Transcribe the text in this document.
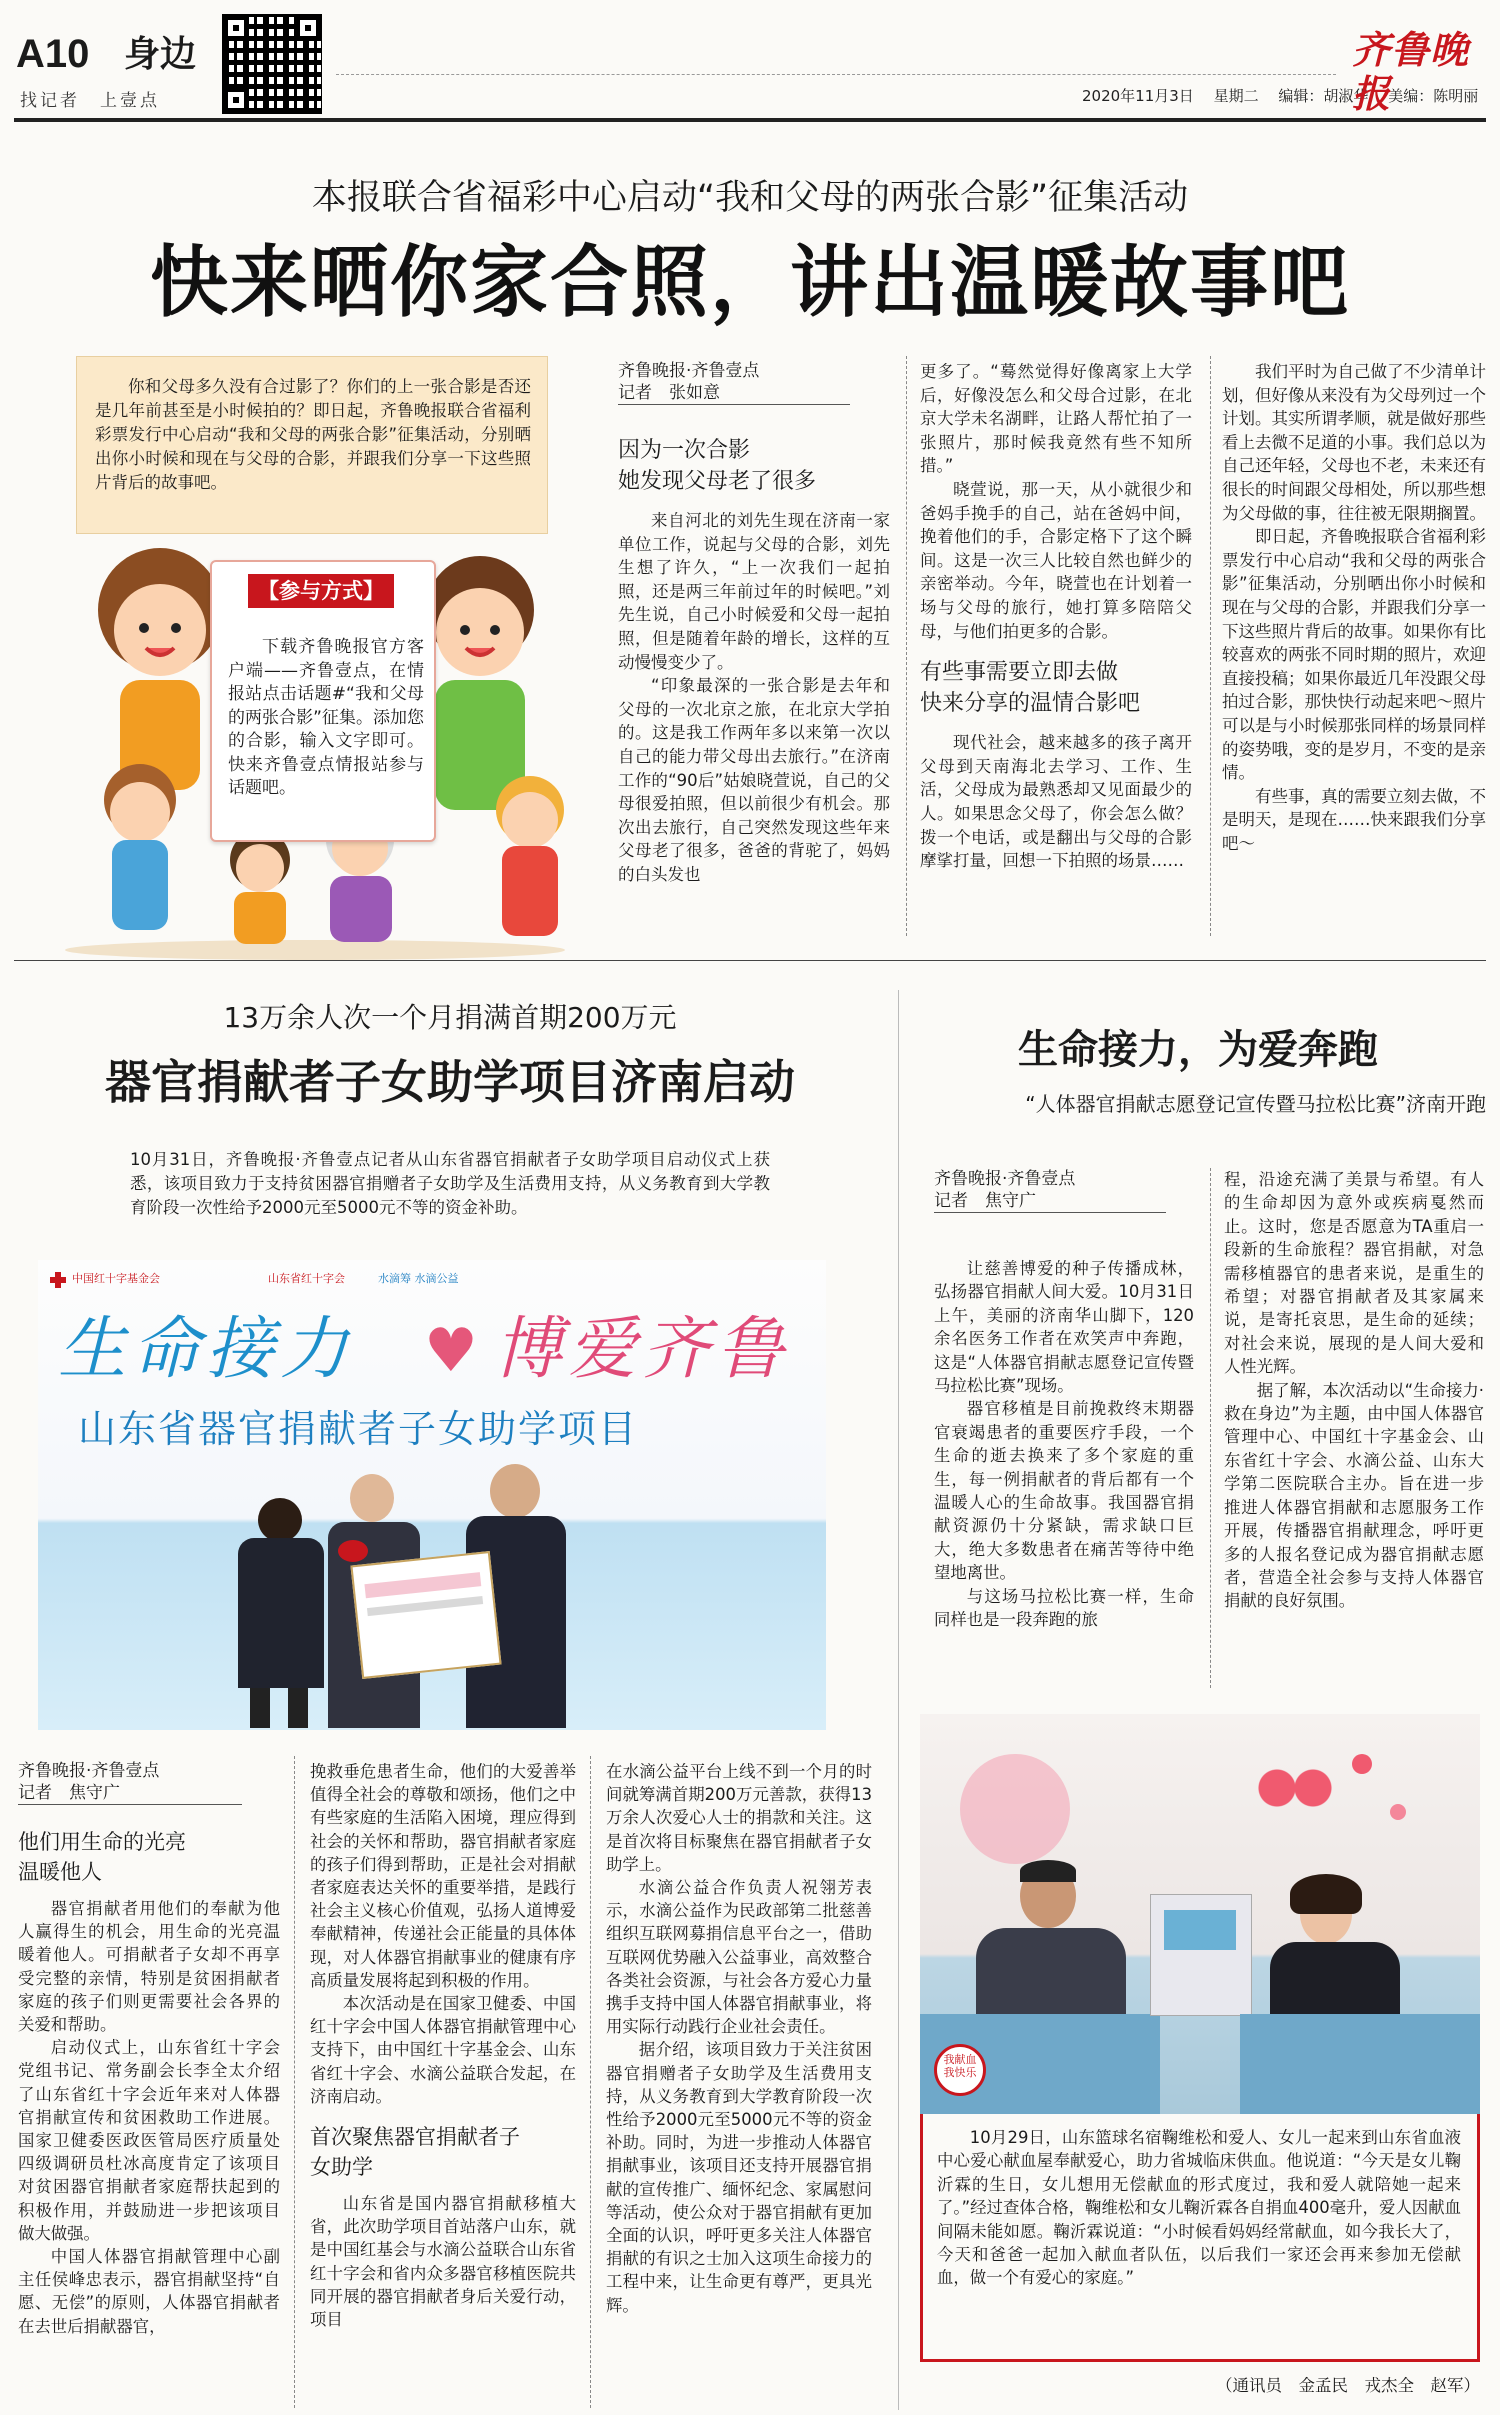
A10 身边
找记者　上壹点	2020年11月3日　 星期二　 编辑：胡淑华　 美编：陈明丽
齐鲁晚报
本报联合省福彩中心启动“我和父母的两张合影”征集活动
快来晒你家合照，讲出温暖故事吧

你和父母多久没有合过影了？你们的上一张合影是否还是几年前甚至是小时候拍的？即日起，齐鲁晚报联合省福利彩票发行中心启动“我和父母的两张合影”征集活动，分别晒出你小时候和现在与父母的合影，并跟我们分享一下这些照片背后的故事吧。

【参与方式】

下载齐鲁晚报官方客户端——齐鲁壹点，在情报站点击话题#“我和父母的两张合影”征集。添加您的合影，输入文字即可。快来齐鲁壹点情报站参与话题吧。

齐鲁晚报·齐鲁壹点
记者　张如意
因为一次合影
她发现父母老了很多

来自河北的刘先生现在济南一家单位工作，说起与父母的合影，刘先生想了许久，“上一次我们一起拍照，还是两三年前过年的时候吧。”刘先生说，自己小时候爱和父母一起拍照，但是随着年龄的增长，这样的互动慢慢变少了。

“印象最深的一张合影是去年和父母的一次北京之旅，在北京大学拍的。这是我工作两年多以来第一次以自己的能力带父母出去旅行。”在济南工作的“90后”姑娘晓萱说，自己的父母很爱拍照，但以前很少有机会。那次出去旅行，自己突然发现这些年来父母老了很多，爸爸的背驼了，妈妈的白头发也

更多了。“蓦然觉得好像离家上大学后，好像没怎么和父母合过影，在北京大学未名湖畔，让路人帮忙拍了一张照片，那时候我竟然有些不知所措。”

晓萱说，那一天，从小就很少和爸妈手挽手的自己，站在爸妈中间，挽着他们的手，合影定格下了这个瞬间。这是一次三人比较自然也鲜少的亲密举动。今年，晓萱也在计划着一场与父母的旅行，她打算多陪陪父母，与他们拍更多的合影。

有些事需要立即去做
快来分享的温情合影吧

现代社会，越来越多的孩子离开父母到天南海北去学习、工作、生活，父母成为最熟悉却又见面最少的人。如果思念父母了，你会怎么做？拨一个电话，或是翻出与父母的合影摩挲打量，回想一下拍照的场景……

我们平时为自己做了不少清单计划，但好像从来没有为父母列过一个计划。其实所谓孝顺，就是做好那些看上去微不足道的小事。我们总以为自己还年轻，父母也不老，未来还有很长的时间跟父母相处，所以那些想为父母做的事，往往被无限期搁置。

即日起，齐鲁晚报联合省福利彩票发行中心启动“我和父母的两张合影”征集活动，分别晒出你小时候和现在与父母的合影，并跟我们分享一下这些照片背后的故事。如果你有比较喜欢的两张不同时期的照片，欢迎直接投稿；如果你最近几年没跟父母拍过合影，那快快行动起来吧～照片可以是与小时候那张同样的场景同样的姿势哦，变的是岁月，不变的是亲情。

有些事，真的需要立刻去做，不是明天，是现在……快来跟我们分享吧～

13万余人次一个月捐满首期200万元
器官捐献者子女助学项目济南启动

10月31日，齐鲁晚报·齐鲁壹点记者从山东省器官捐献者子女助学项目启动仪式上获悉，该项目致力于支持贫困器官捐赠者子女助学及生活费用支持，从义务教育到大学教育阶段一次性给予2000元至5000元不等的资金补助。

中国红十字基金会	山东省红十字会	水滴筹 水滴公益
生命接力 ♥ 博爱齐鲁
山东省器官捐献者子女助学项目
齐鲁晚报·齐鲁壹点
记者　焦守广
他们用生命的光亮
温暖他人

器官捐献者用他们的奉献为他人赢得生的机会，用生命的光亮温暖着他人。可捐献者子女却不再享受完整的亲情，特别是贫困捐献者家庭的孩子们则更需要社会各界的关爱和帮助。

启动仪式上，山东省红十字会党组书记、常务副会长李全太介绍了山东省红十字会近年来对人体器官捐献宣传和贫困救助工作进展。国家卫健委医政医管局医疗质量处四级调研员杜冰高度肯定了该项目对贫困器官捐献者家庭帮扶起到的积极作用，并鼓励进一步把该项目做大做强。

中国人体器官捐献管理中心副主任侯峰忠表示，器官捐献坚持“自愿、无偿”的原则，人体器官捐献者在去世后捐献器官，

挽救垂危患者生命，他们的大爱善举值得全社会的尊敬和颂扬，他们之中有些家庭的生活陷入困境，理应得到社会的关怀和帮助，器官捐献者家庭的孩子们得到帮助，正是社会对捐献者家庭表达关怀的重要举措，是践行社会主义核心价值观，弘扬人道博爱奉献精神，传递社会正能量的具体体现，对人体器官捐献事业的健康有序高质量发展将起到积极的作用。

本次活动是在国家卫健委、中国红十字会中国人体器官捐献管理中心支持下，由中国红十字基金会、山东省红十字会、水滴公益联合发起，在济南启动。

首次聚焦器官捐献者子女助学

山东省是国内器官捐献移植大省，此次助学项目首站落户山东，就是中国红基会与水滴公益联合山东省红十字会和省内众多器官移植医院共同开展的器官捐献者身后关爱行动，项目

在水滴公益平台上线不到一个月的时间就筹满首期200万元善款，获得13万余人次爱心人士的捐款和关注。这是首次将目标聚焦在器官捐献者子女助学上。

水滴公益合作负责人祝翎芳表示，水滴公益作为民政部第二批慈善组织互联网募捐信息平台之一，借助互联网优势融入公益事业，高效整合各类社会资源，与社会各方爱心力量携手支持中国人体器官捐献事业，将用实际行动践行企业社会责任。

据介绍，该项目致力于关注贫困器官捐赠者子女助学及生活费用支持，从义务教育到大学教育阶段一次性给予2000元至5000元不等的资金补助。同时，为进一步推动人体器官捐献事业，该项目还支持开展器官捐献的宣传推广、缅怀纪念、家属慰问等活动，使公众对于器官捐献有更加全面的认识，呼吁更多关注人体器官捐献的有识之士加入这项生命接力的工程中来，让生命更有尊严，更具光辉。

生命接力，为爱奔跑
“人体器官捐献志愿登记宣传暨马拉松比赛”济南开跑
齐鲁晚报·齐鲁壹点
记者　焦守广

让慈善博爱的种子传播成林，弘扬器官捐献人间大爱。10月31日上午，美丽的济南华山脚下，120余名医务工作者在欢笑声中奔跑，这是“人体器官捐献志愿登记宣传暨马拉松比赛”现场。

器官移植是目前挽救终末期器官衰竭患者的重要医疗手段，一个生命的逝去换来了多个家庭的重生，每一例捐献者的背后都有一个温暖人心的生命故事。我国器官捐献资源仍十分紧缺，需求缺口巨大，绝大多数患者在痛苦等待中绝望地离世。

与这场马拉松比赛一样，生命同样也是一段奔跑的旅

程，沿途充满了美景与希望。有人的生命却因为意外或疾病戛然而止。这时，您是否愿意为TA重启一段新的生命旅程？器官捐献，对急需移植器官的患者来说，是重生的希望；对器官捐献者及其家属来说，是寄托哀思，是生命的延续；对社会来说，展现的是人间大爱和人性光辉。

据了解，本次活动以“生命接力·救在身边”为主题，由中国人体器官管理中心、中国红十字基金会、山东省红十字会、水滴公益、山东大学第二医院联合主办。旨在进一步推进人体器官捐献和志愿服务工作开展，传播器官捐献理念，呼吁更多的人报名登记成为器官捐献志愿者，营造全社会参与支持人体器官捐献的良好氛围。

我献血我快乐

10月29日，山东篮球名宿鞠维松和爱人、女儿一起来到山东省血液中心爱心献血屋奉献爱心，助力省城临床供血。他说道：“今天是女儿鞠沂霖的生日，女儿想用无偿献血的形式度过，我和爱人就陪她一起来了。”经过查体合格，鞠维松和女儿鞠沂霖各自捐血400毫升，爱人因献血间隔未能如愿。鞠沂霖说道：“小时候看妈妈经常献血，如今我长大了，今天和爸爸一起加入献血者队伍，以后我们一家还会再来参加无偿献血，做一个有爱心的家庭。”

（通讯员　金孟民　戎杰全　赵军）
